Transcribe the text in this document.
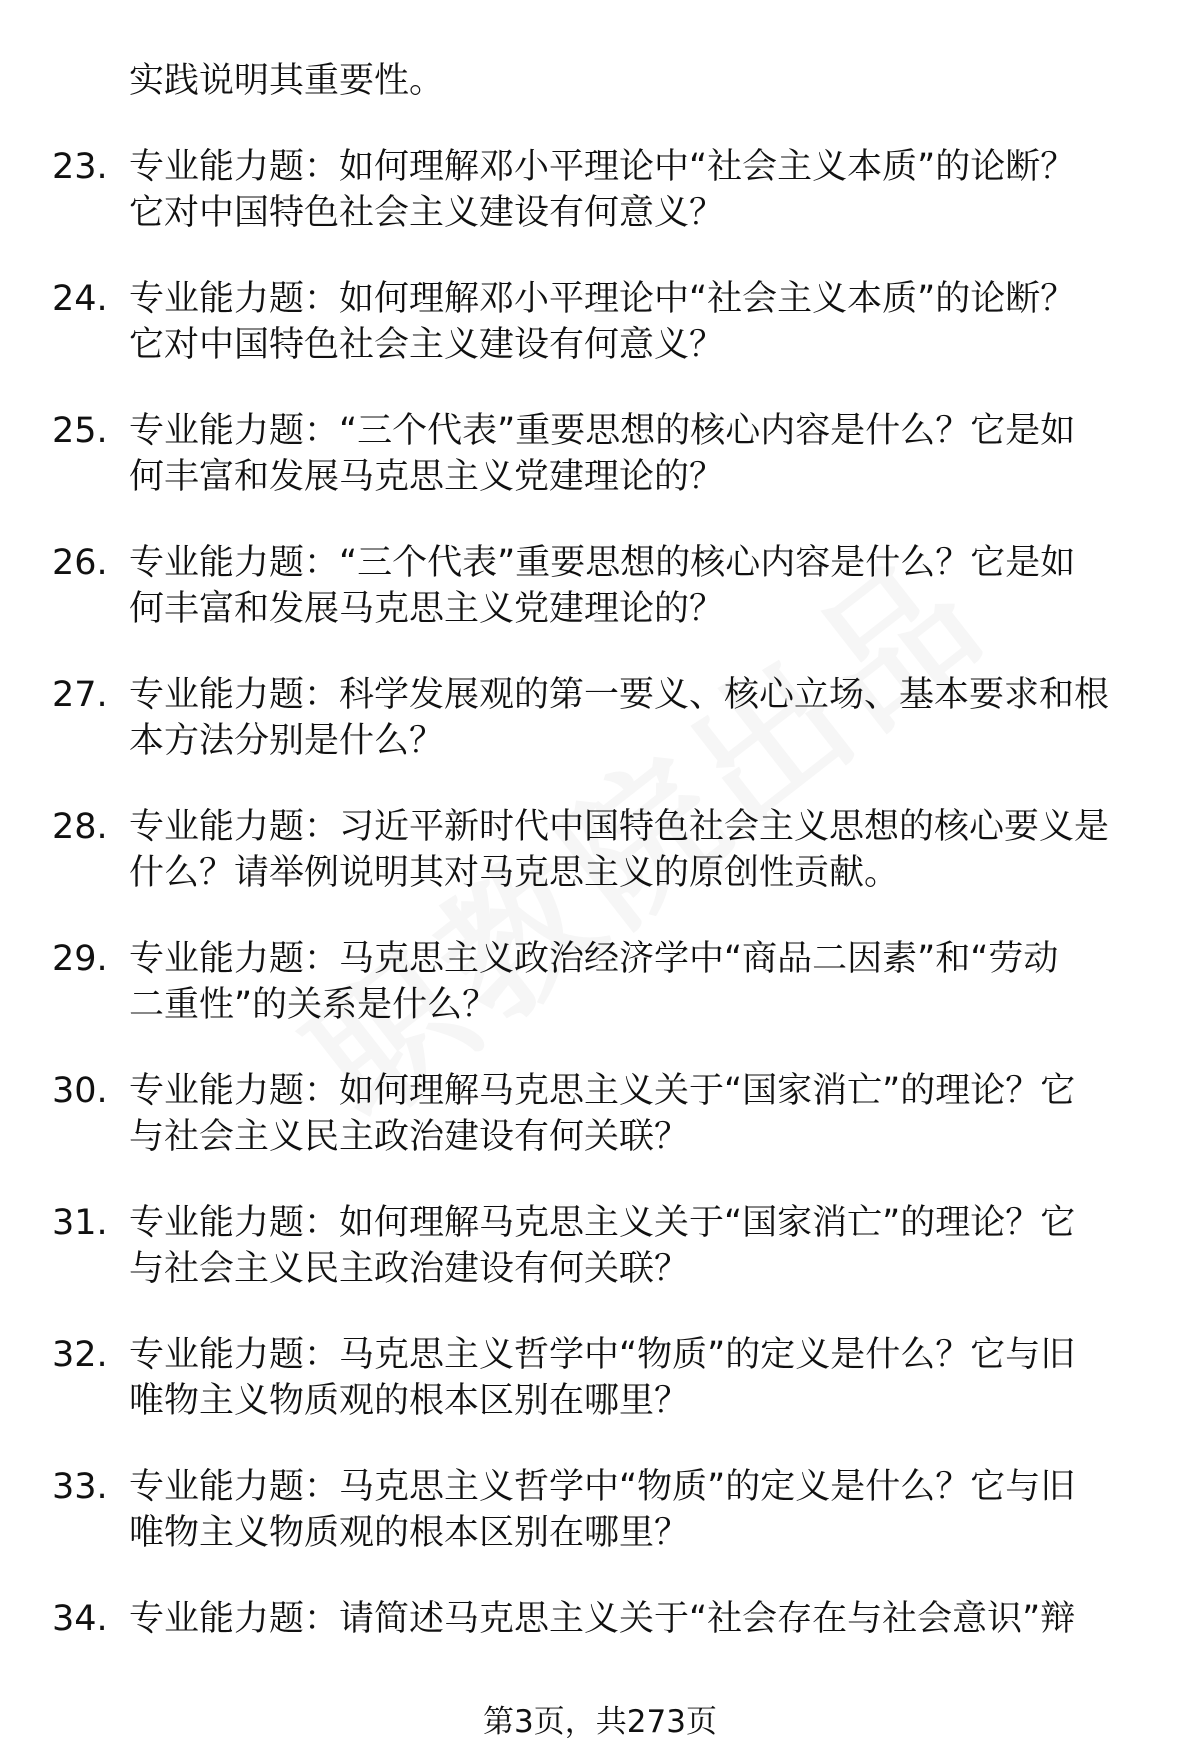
实践说明其重要性。
23. 专业能力题：如何理解邓小平理论中“社会主义本质”的论断？
它对中国特色社会主义建设有何意义？
24. 专业能力题：如何理解邓小平理论中“社会主义本质”的论断？
它对中国特色社会主义建设有何意义？
25. 专业能力题：“三个代表”重要思想的核心内容是什么？它是如
何丰富和发展马克思主义党建理论的？
26. 专业能力题：“三个代表”重要思想的核心内容是什么？它是如
何丰富和发展马克思主义党建理论的？
27. 专业能力题：科学发展观的第一要义、核心立场、基本要求和根
本方法分别是什么？
28. 专业能力题：习近平新时代中国特色社会主义思想的核心要义是
什么？请举例说明其对马克思主义的原创性贡献。
29. 专业能力题：马克思主义政治经济学中“商品二因素”和“劳动
二重性”的关系是什么？
30. 专业能力题：如何理解马克思主义关于“国家消亡”的理论？它
与社会主义民主政治建设有何关联？
31. 专业能力题：如何理解马克思主义关于“国家消亡”的理论？它
与社会主义民主政治建设有何关联？
32. 专业能力题：马克思主义哲学中“物质”的定义是什么？它与旧
唯物主义物质观的根本区别在哪里？
33. 专业能力题：马克思主义哲学中“物质”的定义是什么？它与旧
唯物主义物质观的根本区别在哪里？
34. 专业能力题：请简述马克思主义关于“社会存在与社会意识”辩
第3页，共273页
